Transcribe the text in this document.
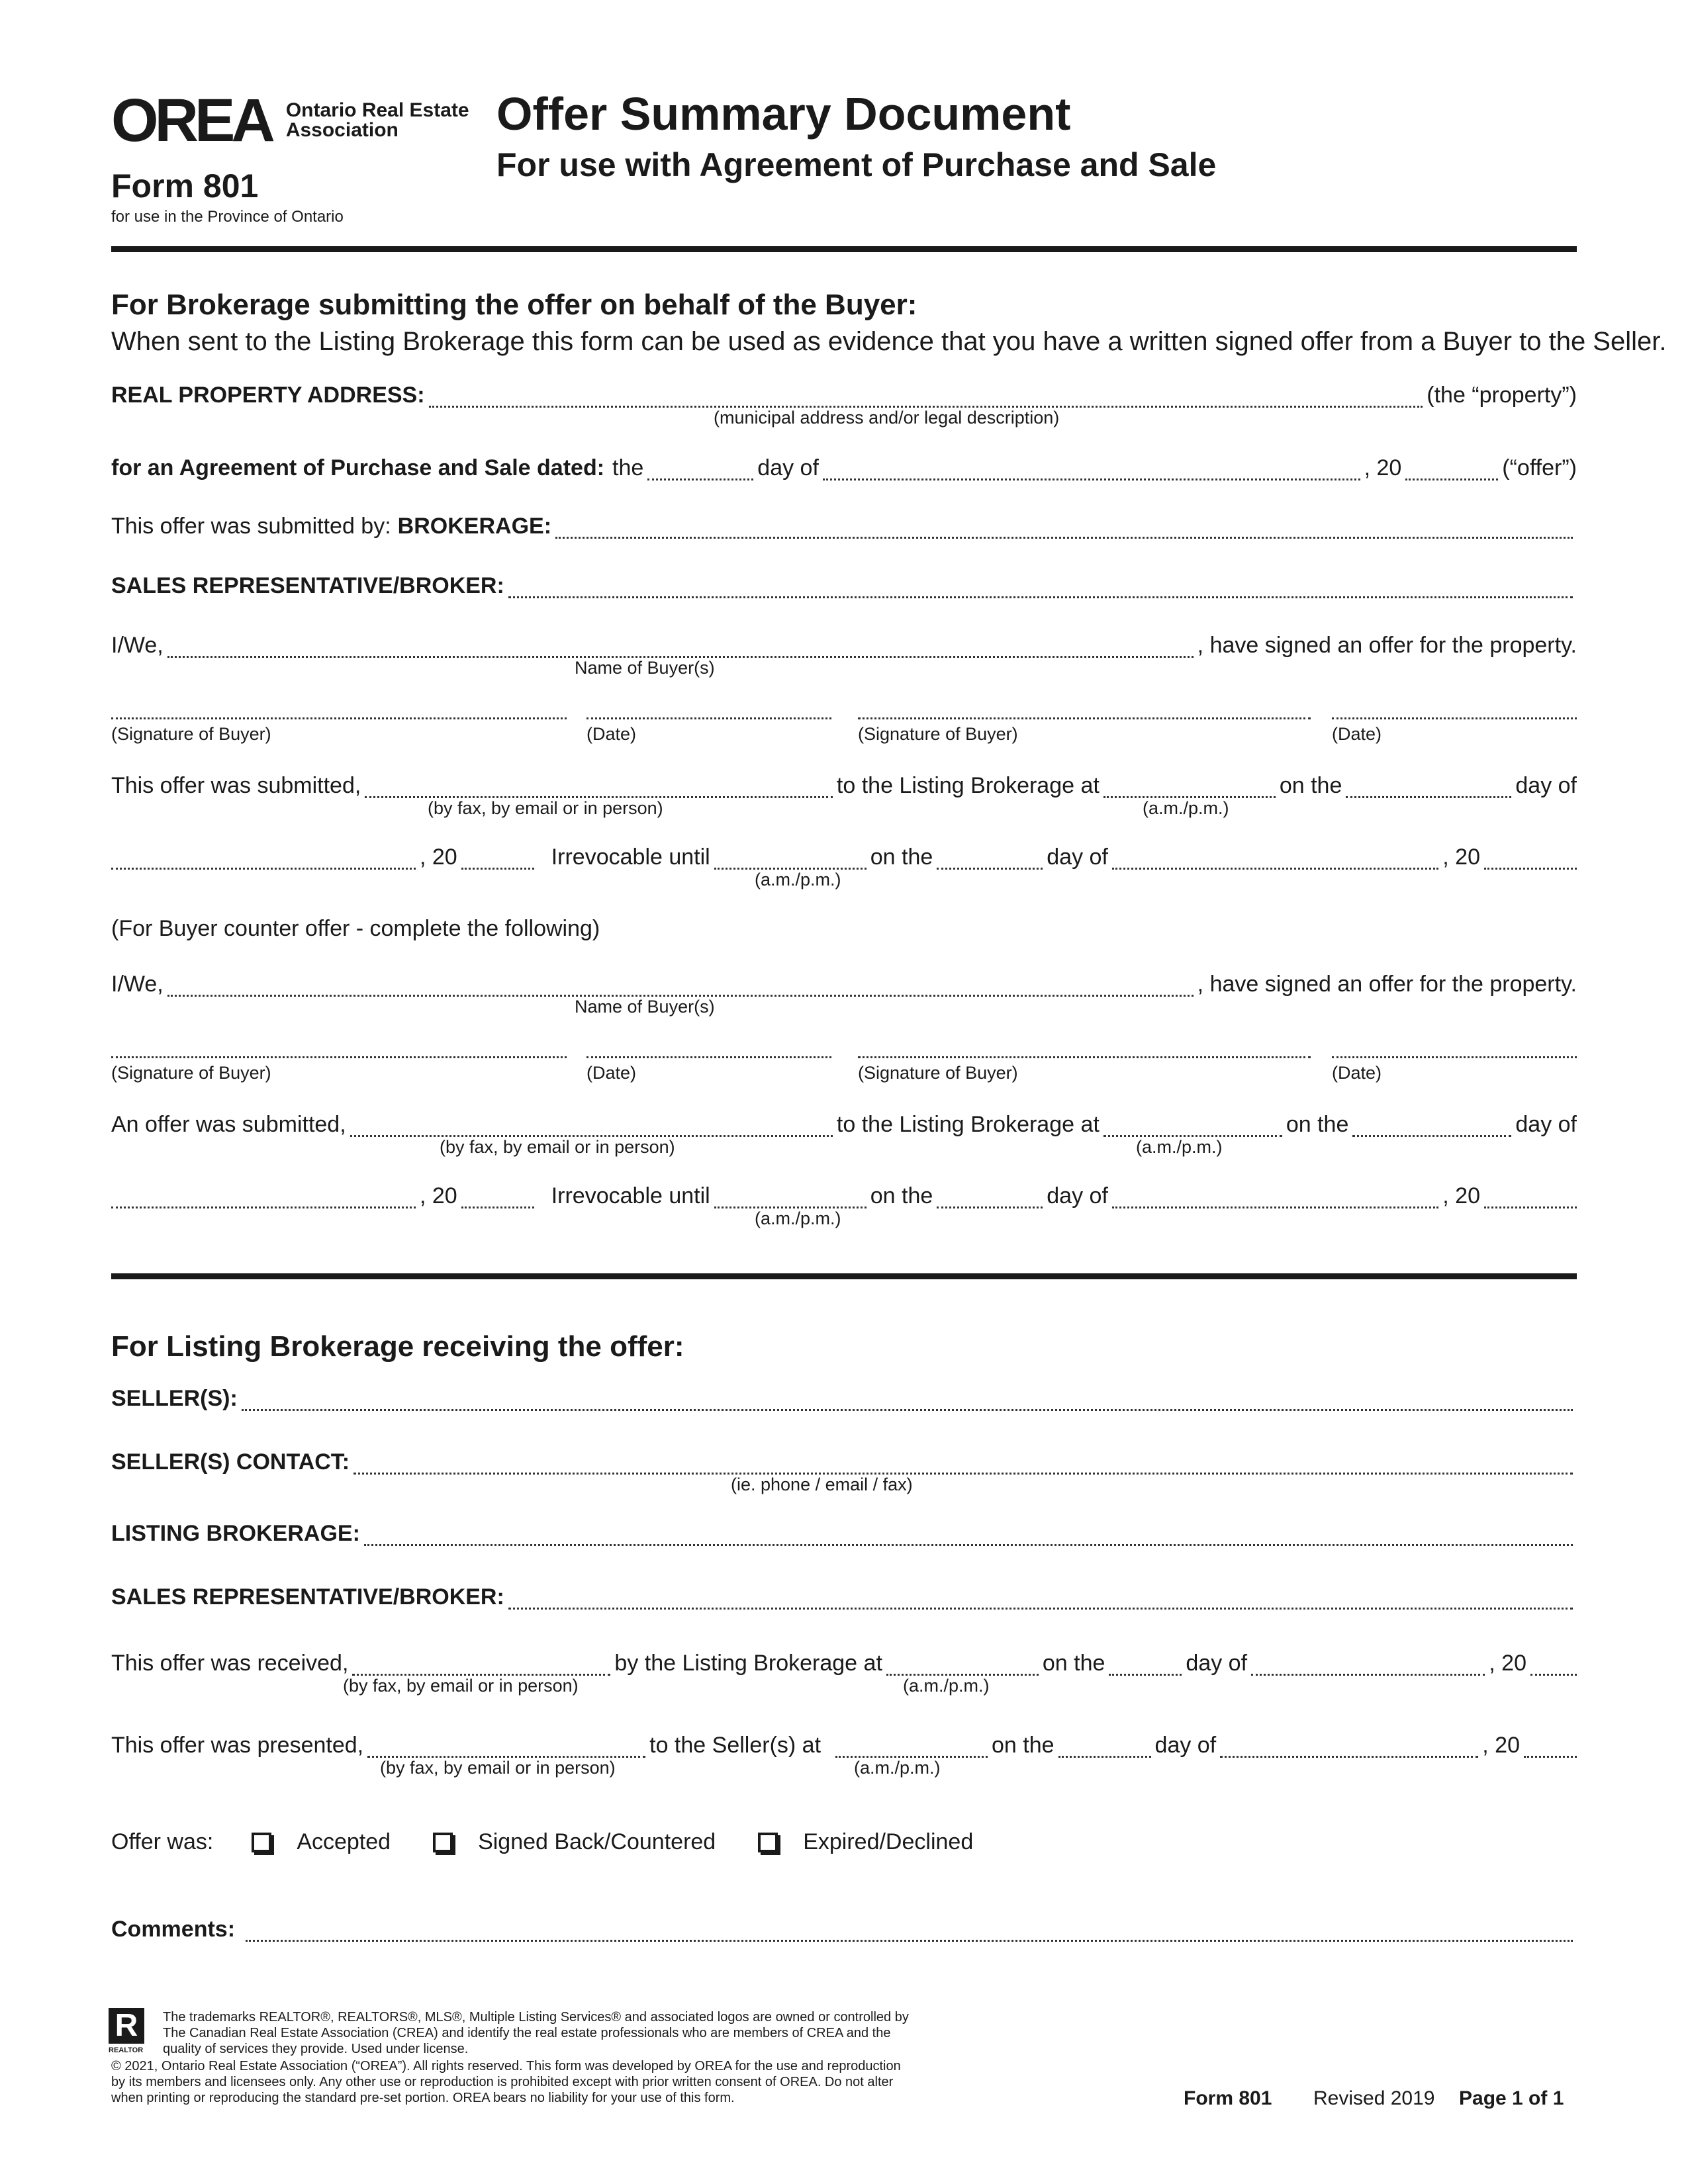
OREA Ontario Real Estate
Association
Form 801
for use in the Province of Ontario
Offer Summary Document
For use with Agreement of Purchase and Sale
For Brokerage submitting the offer on behalf of the Buyer:
When sent to the Listing Brokerage this form can be used as evidence that you have a written signed offer from a Buyer to the Seller.
REAL PROPERTY ADDRESS:	(the “property”)
(municipal address and/or legal description)
for an Agreement of Purchase and Sale dated: the	day of	, 20	(“offer”)
This offer was submitted by: BROKERAGE:
SALES REPRESENTATIVE/BROKER:
I/We,	, have signed an offer for the property.
Name of Buyer(s)
(Signature of Buyer)	(Date)	(Signature of Buyer)	(Date)
This offer was submitted,	to the Listing Brokerage at	on the	day of
(by fax, by email or in person)	(a.m./p.m.)
, 20	Irrevocable until	on the	day of	, 20
(a.m./p.m.)
(For Buyer counter offer - complete the following)
I/We,	, have signed an offer for the property.
Name of Buyer(s)
(Signature of Buyer)	(Date)	(Signature of Buyer)	(Date)
An offer was submitted,	to the Listing Brokerage at	on the	day of
(by fax, by email or in person)	(a.m./p.m.)
, 20	Irrevocable until	on the	day of	, 20
(a.m./p.m.)
For Listing Brokerage receiving the offer:
SELLER(S):
SELLER(S) CONTACT:
(ie. phone / email / fax)
LISTING BROKERAGE:
SALES REPRESENTATIVE/BROKER:
This offer was received,	by the Listing Brokerage at	on the	day of	, 20
(by fax, by email or in person)	(a.m./p.m.)
This offer was presented,	to the Seller(s) at	on the	day of	, 20
(by fax, by email or in person)	(a.m./p.m.)
Offer was:	Accepted	Signed Back/Countered	Expired/Declined
Comments:
R
REALTOR
The trademarks REALTOR®, REALTORS®, MLS®, Multiple Listing Services® and associated logos are owned or controlled by
The Canadian Real Estate Association (CREA) and identify the real estate professionals who are members of CREA and the
quality of services they provide. Used under license.
© 2021, Ontario Real Estate Association (“OREA”). All rights reserved. This form was developed by OREA for the use and reproduction
by its members and licensees only. Any other use or reproduction is prohibited except with prior written consent of OREA. Do not alter
when printing or reproducing the standard pre-set portion. OREA bears no liability for your use of this form.	Form 801 Revised 2019 Page 1 of 1
